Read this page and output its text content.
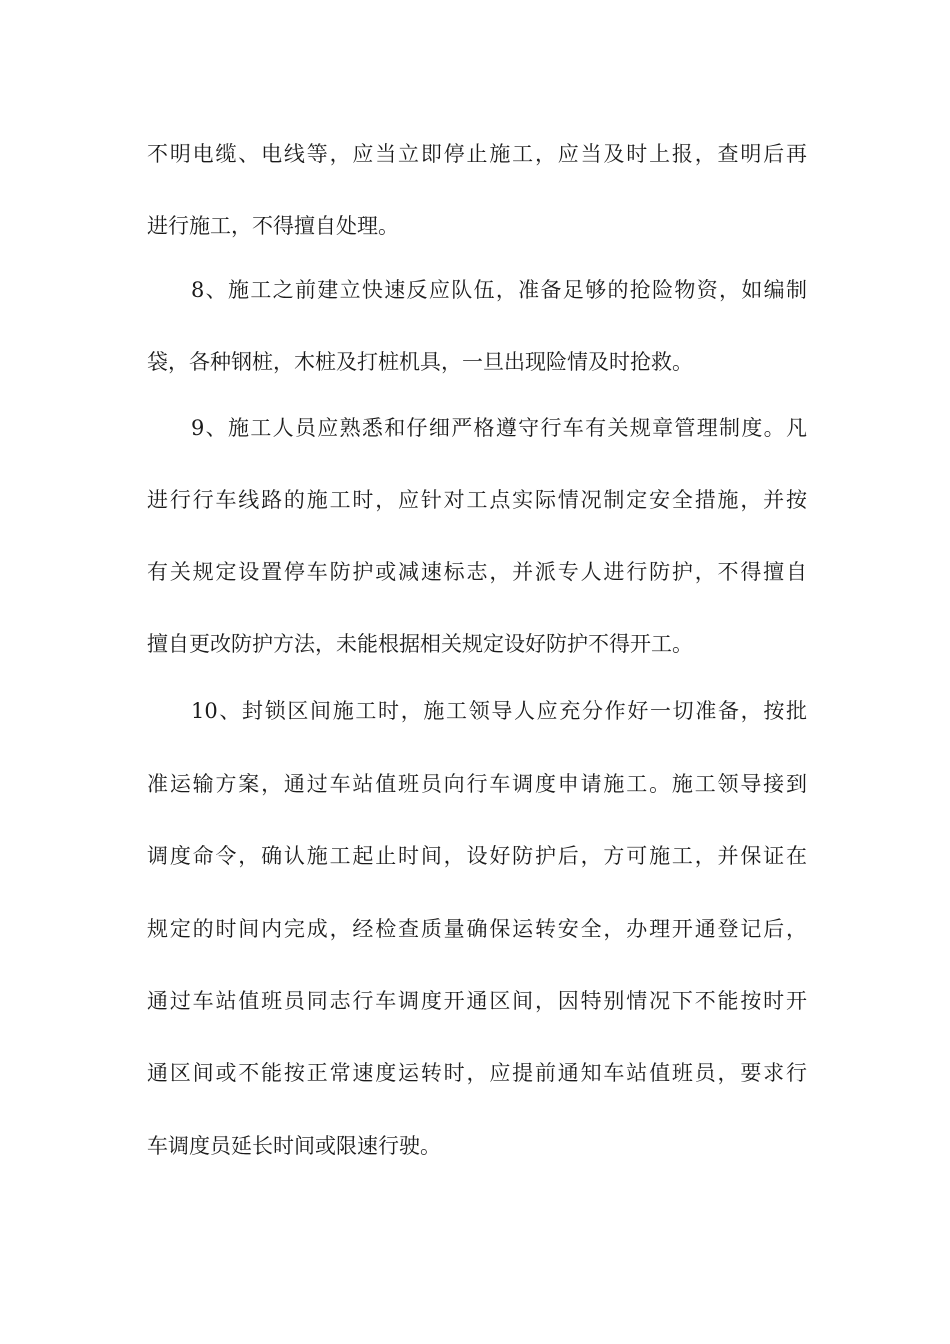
不明电缆、电线等，应当立即停止施工，应当及时上报，查明后再
进行施工，不得擅自处理。
8、施工之前建立快速反应队伍，准备足够的抢险物资，如编制
袋，各种钢桩，木桩及打桩机具，一旦出现险情及时抢救。
9、施工人员应熟悉和仔细严格遵守行车有关规章管理制度。凡
进行行车线路的施工时，应针对工点实际情况制定安全措施，并按
有关规定设置停车防护或减速标志，并派专人进行防护，不得擅自
擅自更改防护方法，未能根据相关规定设好防护不得开工。
10、封锁区间施工时，施工领导人应充分作好一切准备，按批
准运输方案，通过车站值班员向行车调度申请施工。施工领导接到
调度命令，确认施工起止时间，设好防护后，方可施工，并保证在
规定的时间内完成，经检查质量确保运转安全，办理开通登记后，
通过车站值班员同志行车调度开通区间，因特别情况下不能按时开
通区间或不能按正常速度运转时，应提前通知车站值班员，要求行
车调度员延长时间或限速行驶。
